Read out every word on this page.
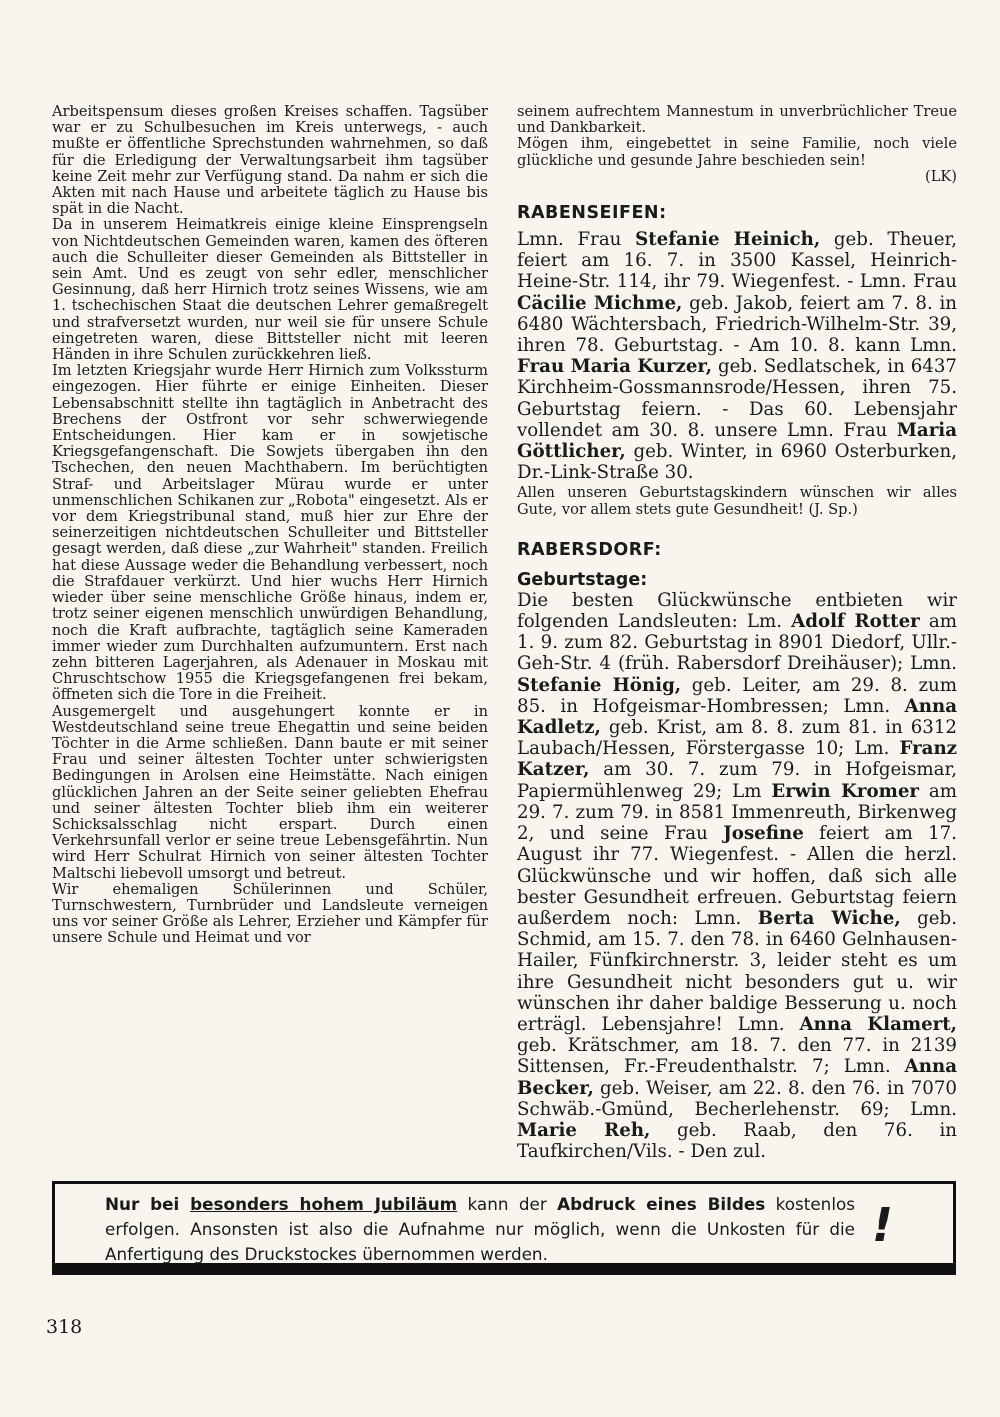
Arbeitspensum dieses großen Kreises schaffen. Tagsüber war er zu Schulbesuchen im Kreis unterwegs, - auch mußte er öffentliche Sprechstunden wahrnehmen, so daß für die Erledigung der Verwaltungsarbeit ihm tagsüber keine Zeit mehr zur Verfügung stand. Da nahm er sich die Akten mit nach Hause und arbeitete täglich zu Hause bis spät in die Nacht.

Da in unserem Heimatkreis einige kleine Einsprengseln von Nichtdeutschen Gemeinden waren, kamen des öfteren auch die Schulleiter dieser Gemeinden als Bittsteller in sein Amt. Und es zeugt von sehr edler, menschlicher Gesinnung, daß herr Hirnich trotz seines Wissens, wie am 1. tschechischen Staat die deutschen Lehrer gemaßregelt und strafversetzt wurden, nur weil sie für unsere Schule eingetreten waren, diese Bittsteller nicht mit leeren Händen in ihre Schulen zurückkehren ließ.

Im letzten Kriegsjahr wurde Herr Hirnich zum Volkssturm eingezogen. Hier führte er einige Einheiten. Dieser Lebensabschnitt stellte ihn tagtäglich in Anbetracht des Brechens der Ostfront vor sehr schwerwiegende Entscheidungen. Hier kam er in sowjetische Kriegsgefangenschaft. Die Sowjets übergaben ihn den Tschechen, den neuen Machthabern. Im berüchtigten Straf- und Arbeitslager Mürau wurde er unter unmenschlichen Schikanen zur „Robota" eingesetzt. Als er vor dem Kriegstribunal stand, muß hier zur Ehre der seinerzeitigen nichtdeutschen Schulleiter und Bittsteller gesagt werden, daß diese „zur Wahrheit" standen. Freilich hat diese Aussage weder die Behandlung verbessert, noch die Strafdauer verkürzt. Und hier wuchs Herr Hirnich wieder über seine menschliche Größe hinaus, indem er, trotz seiner eigenen menschlich unwürdigen Behandlung, noch die Kraft aufbrachte, tagtäglich seine Kameraden immer wieder zum Durchhalten aufzumuntern. Erst nach zehn bitteren Lagerjahren, als Adenauer in Moskau mit Chruschtschow 1955 die Kriegsgefangenen frei bekam, öffneten sich die Tore in die Freiheit.

Ausgemergelt und ausgehungert konnte er in Westdeutschland seine treue Ehegattin und seine beiden Töchter in die Arme schließen. Dann baute er mit seiner Frau und seiner ältesten Tochter unter schwierigsten Bedingungen in Arolsen eine Heimstätte. Nach einigen glücklichen Jahren an der Seite seiner geliebten Ehefrau und seiner ältesten Tochter blieb ihm ein weiterer Schicksalsschlag nicht erspart. Durch einen Verkehrsunfall verlor er seine treue Lebensgefährtin. Nun wird Herr Schulrat Hirnich von seiner ältesten Tochter Maltschi liebevoll umsorgt und betreut.

Wir ehemaligen Schülerinnen und Schüler, Turnschwestern, Turnbrüder und Landsleute verneigen uns vor seiner Größe als Lehrer, Erzieher und Kämpfer für unsere Schule und Heimat und vor

seinem aufrechtem Mannestum in unverbrüchlicher Treue und Dankbarkeit.

Mögen ihm, eingebettet in seine Familie, noch viele glückliche und gesunde Jahre beschieden sein!

(LK)

RABENSEIFEN:

Lmn. Frau Stefanie Heinich, geb. Theuer, feiert am 16. 7. in 3500 Kassel, Heinrich-Heine-Str. 114, ihr 79. Wiegenfest. - Lmn. Frau Cäcilie Michme, geb. Jakob, feiert am 7. 8. in 6480 Wächtersbach, Friedrich-Wilhelm-Str. 39, ihren 78. Geburtstag. - Am 10. 8. kann Lmn. Frau Maria Kurzer, geb. Sedlatschek, in 6437 Kirchheim-Gossmannsrode/Hessen, ihren 75. Geburtstag feiern. - Das 60. Lebensjahr vollendet am 30. 8. unsere Lmn. Frau Maria Göttlicher, geb. Winter, in 6960 Osterburken, Dr.-Link-Straße 30.

Allen unseren Geburtstagskindern wünschen wir alles Gute, vor allem stets gute Gesundheit! (J. Sp.)

RABERSDORF:
Geburtstage:

Die besten Glückwünsche entbieten wir folgenden Landsleuten: Lm. Adolf Rotter am 1. 9. zum 82. Geburtstag in 8901 Diedorf, Ullr.-Geh-Str. 4 (früh. Rabersdorf Dreihäuser); Lmn. Stefanie Hönig, geb. Leiter, am 29. 8. zum 85. in Hofgeismar-Hombressen; Lmn. Anna Kadletz, geb. Krist, am 8. 8. zum 81. in 6312 Laubach/Hessen, Förstergasse 10; Lm. Franz Katzer, am 30. 7. zum 79. in Hofgeismar, Papiermühlenweg 29; Lm Erwin Kromer am 29. 7. zum 79. in 8581 Immenreuth, Birkenweg 2, und seine Frau Josefine feiert am 17. August ihr 77. Wiegenfest. - Allen die herzl. Glückwünsche und wir hoffen, daß sich alle bester Gesundheit erfreuen. Geburtstag feiern außerdem noch: Lmn. Berta Wiche, geb. Schmid, am 15. 7. den 78. in 6460 Gelnhausen-Hailer, Fünfkirchnerstr. 3, leider steht es um ihre Gesundheit nicht besonders gut u. wir wünschen ihr daher baldige Besserung u. noch erträgl. Lebensjahre! Lmn. Anna Klamert, geb. Krätschmer, am 18. 7. den 77. in 2139 Sittensen, Fr.-Freudenthalstr. 7; Lmn. Anna Becker, geb. Weiser, am 22. 8. den 76. in 7070 Schwäb.-Gmünd, Becherlehenstr. 69; Lmn. Marie Reh, geb. Raab, den 76. in Taufkirchen/Vils. - Den zul.

Nur bei besonders hohem Jubiläum kann der Abdruck eines Bildes kostenlos erfolgen. Ansonsten ist also die Aufnahme nur möglich, wenn die Unkosten für die Anfertigung des Druckstockes übernommen werden.
!
318
